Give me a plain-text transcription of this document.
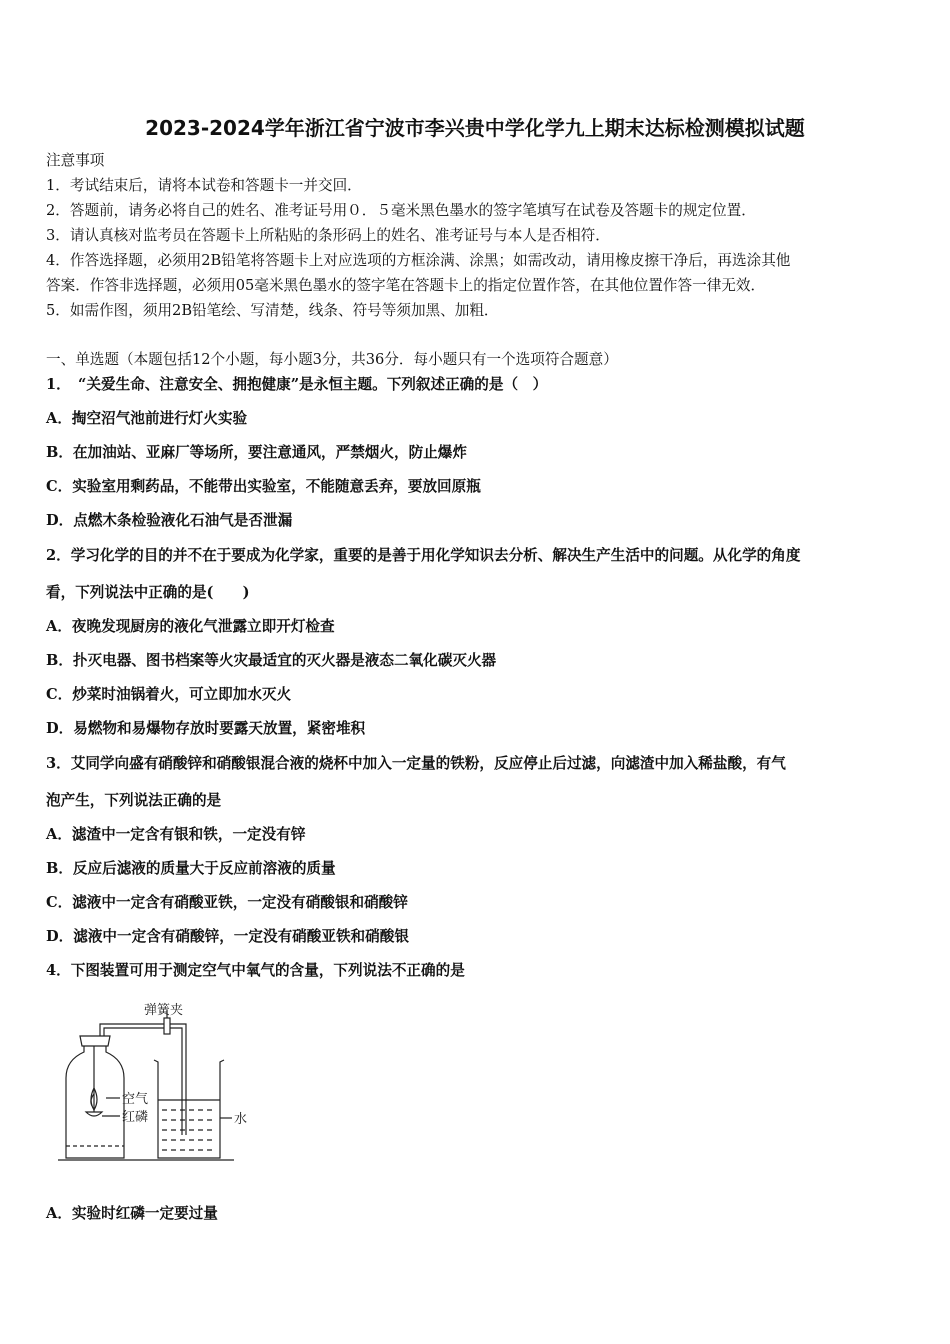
2023-2024学年浙江省宁波市李兴贵中学化学九上期末达标检测模拟试题
注意事项
1．考试结束后，请将本试卷和答题卡一并交回．
2．答题前，请务必将自己的姓名、准考证号用０．５毫米黑色墨水的签字笔填写在试卷及答题卡的规定位置．
3．请认真核对监考员在答题卡上所粘贴的条形码上的姓名、准考证号与本人是否相符．
4．作答选择题，必须用2B铅笔将答题卡上对应选项的方框涂满、涂黑；如需改动，请用橡皮擦干净后，再选涂其他
答案．作答非选择题，必须用05毫米黑色墨水的签字笔在答题卡上的指定位置作答，在其他位置作答一律无效．
5．如需作图，须用2B铅笔绘、写清楚，线条、符号等须加黑、加粗．
一、单选题（本题包括12个小题，每小题3分，共36分．每小题只有一个选项符合题意）
1．　“关爱生命、注意安全、拥抱健康”是永恒主题。下列叙述正确的是（　）
A．掏空沼气池前进行灯火实验
B．在加油站、亚麻厂等场所，要注意通风，严禁烟火，防止爆炸
C．实验室用剩药品，不能带出实验室，不能随意丢弃，要放回原瓶
D．点燃木条检验液化石油气是否泄漏
2．学习化学的目的并不在于要成为化学家，重要的是善于用化学知识去分析、解决生产生活中的问题。从化学的角度
看，下列说法中正确的是(　　)
A．夜晚发现厨房的液化气泄露立即开灯检查
B．扑灭电器、图书档案等火灾最适宜的灭火器是液态二氧化碳灭火器
C．炒菜时油锅着火，可立即加水灭火
D．易燃物和易爆物存放时要露天放置，紧密堆积
3．艾同学向盛有硝酸锌和硝酸银混合液的烧杯中加入一定量的铁粉，反应停止后过滤，向滤渣中加入稀盐酸，有气
泡产生，下列说法正确的是
A．滤渣中一定含有银和铁，一定没有锌
B．反应后滤液的质量大于反应前溶液的质量
C．滤液中一定含有硝酸亚铁，一定没有硝酸银和硝酸锌
D．滤液中一定含有硝酸锌，一定没有硝酸亚铁和硝酸银
4．下图装置可用于测定空气中氧气的含量，下列说法不正确的是
弹簧夹
空气
红磷	水
A．实验时红磷一定要过量
